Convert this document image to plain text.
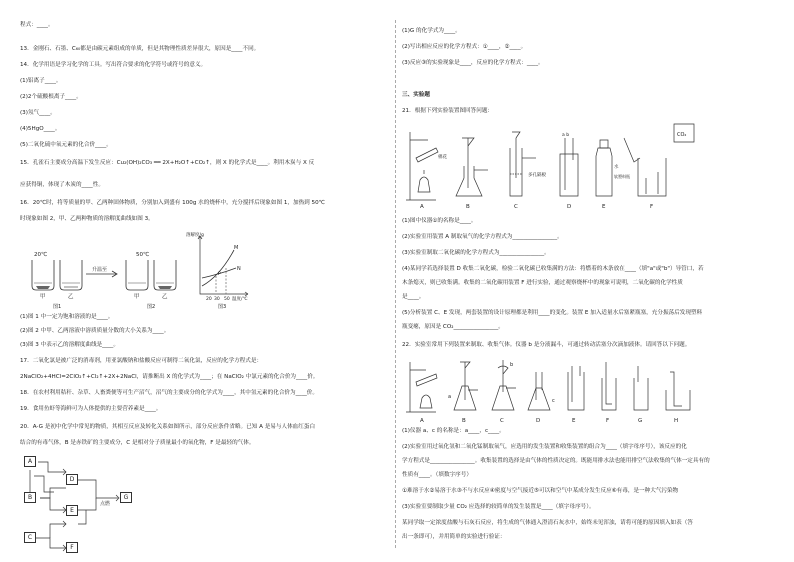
程式：____。
13．金刚石、石墨、C₆₀都是由碳元素组成的单质，但是其物理性质差异很大，原因是____不同。
14．化学用语是学习化学的工具。写出符合要求的化学符号或符号的意义。
(1)铝离子____。
(2)2个硫酸根离子____。
(3)氖气____。
(4)5HgO____。
(5)二氧化硫中氧元素的化合价____。
15．孔雀石主要成分高温下发生反应：Cu₂(OH)₂CO₃ ══ 2X+H₂O↑+CO₂↑，则 X 的化学式是____。利用木炭与 X 反
应获得铜，体现了木炭的____性。
16．20℃时，将等质量的甲、乙两种固体物质，分别加入到盛有 100g 水的烧杯中，充分搅拌后现象如图 1，加热到 50℃
时现象如图 2，甲、乙两种物质的溶解度曲线如图 3。
20℃	50℃
升温至
甲	乙	甲	乙
图1	图2
溶解度/g
M
N
P
20 30 50 温度/℃
图3
(1)图 1 中一定为饱和溶液的是____。
(2)图 2 中甲、乙两溶液中溶质质量分数的大小关系为____。
(3)图 3 中表示乙的溶解度曲线是____。
17．二氧化氯是被广泛的消毒剂，用亚氯酸钠和盐酸反应可制得二氧化氯，反应的化学方程式是：
2NaClO₂+4HCl=2ClO₂↑+Cl₂↑+2X+2NaCl，请推断出 X 的化学式为____；在 NaClO₂ 中氯元素的化合价为____价。
18．在农村利用秸秆、杂草、人畜粪便等可生产沼气，沼气的主要成分的化学式为____，其中氢元素的化合价为____价。
19．食用鱼虾等海鲜可为人体提供的主要营养素是____。
20．A-G 是初中化学中常见的物质，其相互反应及转化关系如图所示，部分反应条件省略。已知 A 是易与人体血红蛋白
结合的有毒气体，B 是赤铁矿的主要成分，C 是相对分子质量最小的氧化物，F 是最轻的气体。
A
B
C
D
E
F
G
点燃
(1)G 的化学式为____。
(2)写出相应反应的化学方程式：①____，②____。
(3)反应③的实验现象是____，反应的化学方程式：____。
三、实验题
21．根据下列实验装置图回答问题：
A	B	C	D	E	F
棉花
多孔隔板
a b
水
软塑料瓶
CO₂
(1)图中仪器①的名称是____。
(2)实验室用装置 A 制取氧气的化学方程式为________________。
(3)实验室制取二氧化碳的化学方程式为________________。
(4)某同学若选择装置 D 收集二氧化碳，检验二氧化碳已收集满的方法：将燃着的木条放在____（填"a"或"b"）导管口，若
木条熄灭，则已收集满。收集的二氧化碳用装置 F 进行实验，通过观察烧杯中的现象可说明，二氧化碳的化学性质
是____。
(5)分析装置 C、E 发现，两套装置的设计原理都是利用____的变化。装置 E 加入适量水后塞紧瓶塞，充分振荡后发现塑料
瓶变瘪，原因是 CO₂________________。
22．实验室常用下列装置来制取、收集气体。仪器 b 是分液漏斗，可通过转动活塞分次滴加液体。请回答以下问题。
A	B	C	D	E	F	G	H
a
b
c
(1)仪器 a、c 的名称是：a____，c____。
(2)实验室用过氧化氢和二氧化锰制取氧气，应选用的发生装置和收集装置的组合为____（填字母序号），该反应的化
学方程式是________________。收集装置的选择是由气体的性质决定的。既能用排水法也能用排空气法收集的气体一定具有的
性质有____。（填数字序号）
①难溶于水②易溶于水③不与水反应④密度与空气接近⑤可以和空气中某成分发生反应⑥有毒，是一种大气污染物
(3)实验室要制取少量 CO₂ 应选择的较简单的发生装置是____（填字母序号）。
某同学取一定浓度盐酸与石灰石反应，将生成的气体通入澄清石灰水中，始终未见浑浊，请将可能的原因填入如表（答
出一条即可），并用简单的实验进行验证：
